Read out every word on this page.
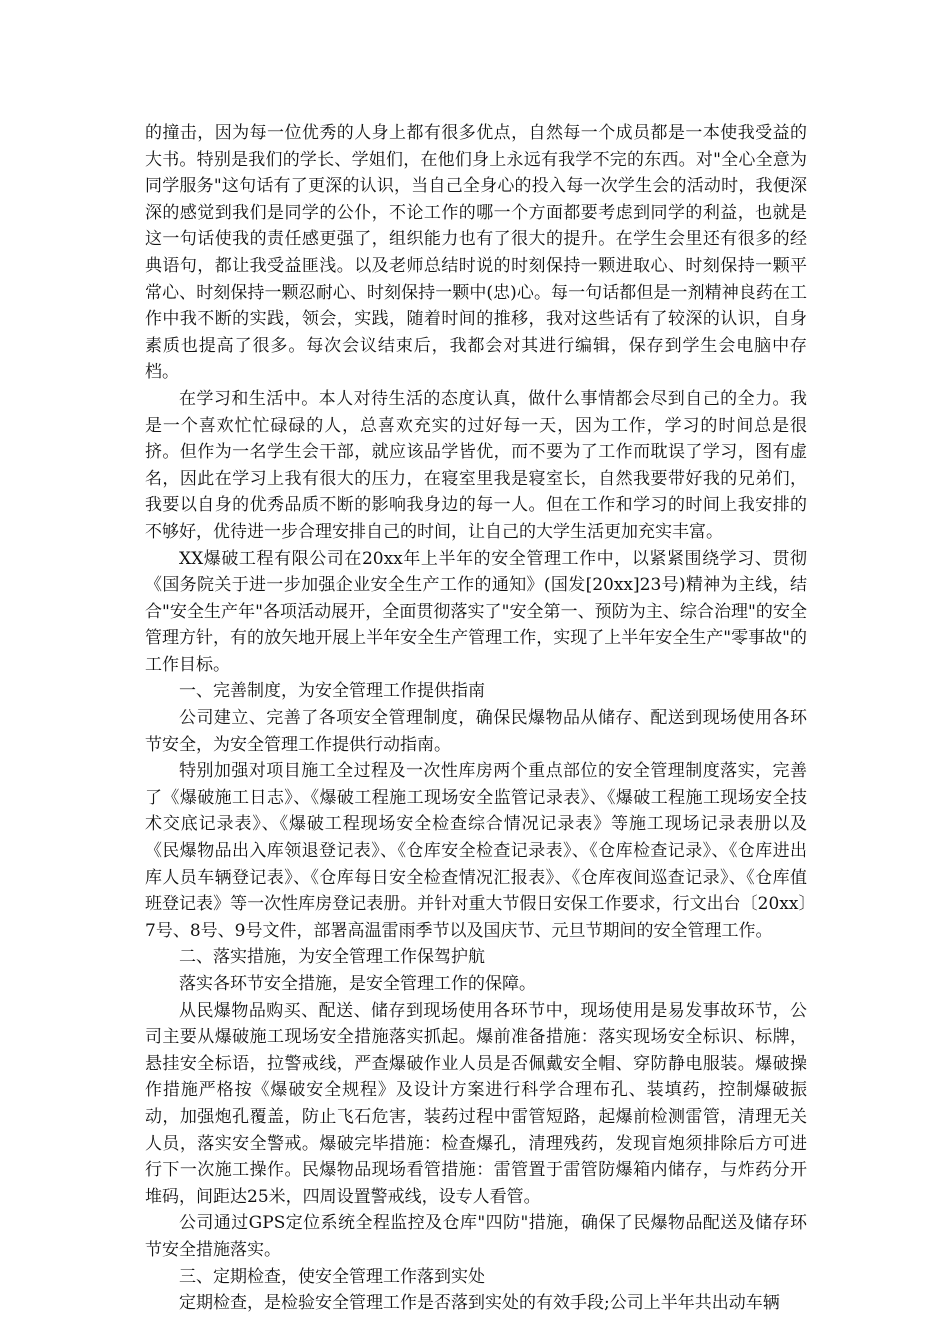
的撞击，因为每一位优秀的人身上都有很多优点，自然每一个成员都是一本使我受益的大书。特别是我们的学长、学姐们，在他们身上永远有我学不完的东西。对"全心全意为同学服务"这句话有了更深的认识，当自己全身心的投入每一次学生会的活动时，我便深深的感觉到我们是同学的公仆，不论工作的哪一个方面都要考虑到同学的利益，也就是这一句话使我的责任感更强了，组织能力也有了很大的提升。在学生会里还有很多的经典语句，都让我受益匪浅。以及老师总结时说的时刻保持一颗进取心、时刻保持一颗平常心、时刻保持一颗忍耐心、时刻保持一颗中(忠)心。每一句话都但是一剂精神良药在工作中我不断的实践，领会，实践，随着时间的推移，我对这些话有了较深的认识，自身素质也提高了很多。每次会议结束后，我都会对其进行编辑，保存到学生会电脑中存档。

在学习和生活中。本人对待生活的态度认真，做什么事情都会尽到自己的全力。我是一个喜欢忙忙碌碌的人，总喜欢充实的过好每一天，因为工作，学习的时间总是很挤。但作为一名学生会干部，就应该品学皆优，而不要为了工作而耽误了学习，图有虚名，因此在学习上我有很大的压力，在寝室里我是寝室长，自然我要带好我的兄弟们，我要以自身的优秀品质不断的影响我身边的每一人。但在工作和学习的时间上我安排的不够好，优待进一步合理安排自己的时间，让自己的大学生活更加充实丰富。

XX爆破工程有限公司在20xx年上半年的安全管理工作中，以紧紧围绕学习、贯彻《国务院关于进一步加强企业安全生产工作的通知》(国发[20xx]23号)精神为主线，结合"安全生产年"各项活动展开，全面贯彻落实了"安全第一、预防为主、综合治理"的安全管理方针，有的放矢地开展上半年安全生产管理工作，实现了上半年安全生产"零事故"的工作目标。

一、完善制度，为安全管理工作提供指南

公司建立、完善了各项安全管理制度，确保民爆物品从储存、配送到现场使用各环节安全，为安全管理工作提供行动指南。

特别加强对项目施工全过程及一次性库房两个重点部位的安全管理制度落实，完善了《爆破施工日志》、《爆破工程施工现场安全监管记录表》、《爆破工程施工现场安全技术交底记录表》、《爆破工程现场安全检查综合情况记录表》等施工现场记录表册以及《民爆物品出入库领退登记表》、《仓库安全检查记录表》、《仓库检查记录》、《仓库进出库人员车辆登记表》、《仓库每日安全检查情况汇报表》、《仓库夜间巡查记录》、《仓库值班登记表》等一次性库房登记表册。并针对重大节假日安保工作要求，行文出台〔20xx〕7号、8号、9号文件，部署高温雷雨季节以及国庆节、元旦节期间的安全管理工作。

二、落实措施，为安全管理工作保驾护航

落实各环节安全措施，是安全管理工作的保障。

从民爆物品购买、配送、储存到现场使用各环节中，现场使用是易发事故环节，公司主要从爆破施工现场安全措施落实抓起。爆前准备措施：落实现场安全标识、标牌，悬挂安全标语，拉警戒线，严查爆破作业人员是否佩戴安全帽、穿防静电服装。爆破操作措施严格按《爆破安全规程》及设计方案进行科学合理布孔、装填药，控制爆破振动，加强炮孔覆盖，防止飞石危害，装药过程中雷管短路，起爆前检测雷管，清理无关人员，落实安全警戒。爆破完毕措施：检查爆孔，清理残药，发现盲炮须排除后方可进行下一次施工操作。民爆物品现场看管措施：雷管置于雷管防爆箱内储存，与炸药分开堆码，间距达25米，四周设置警戒线，设专人看管。

公司通过GPS定位系统全程监控及仓库"四防"措施，确保了民爆物品配送及储存环节安全措施落实。

三、定期检查，使安全管理工作落到实处

定期检查，是检验安全管理工作是否落到实处的有效手段;公司上半年共出动车辆
